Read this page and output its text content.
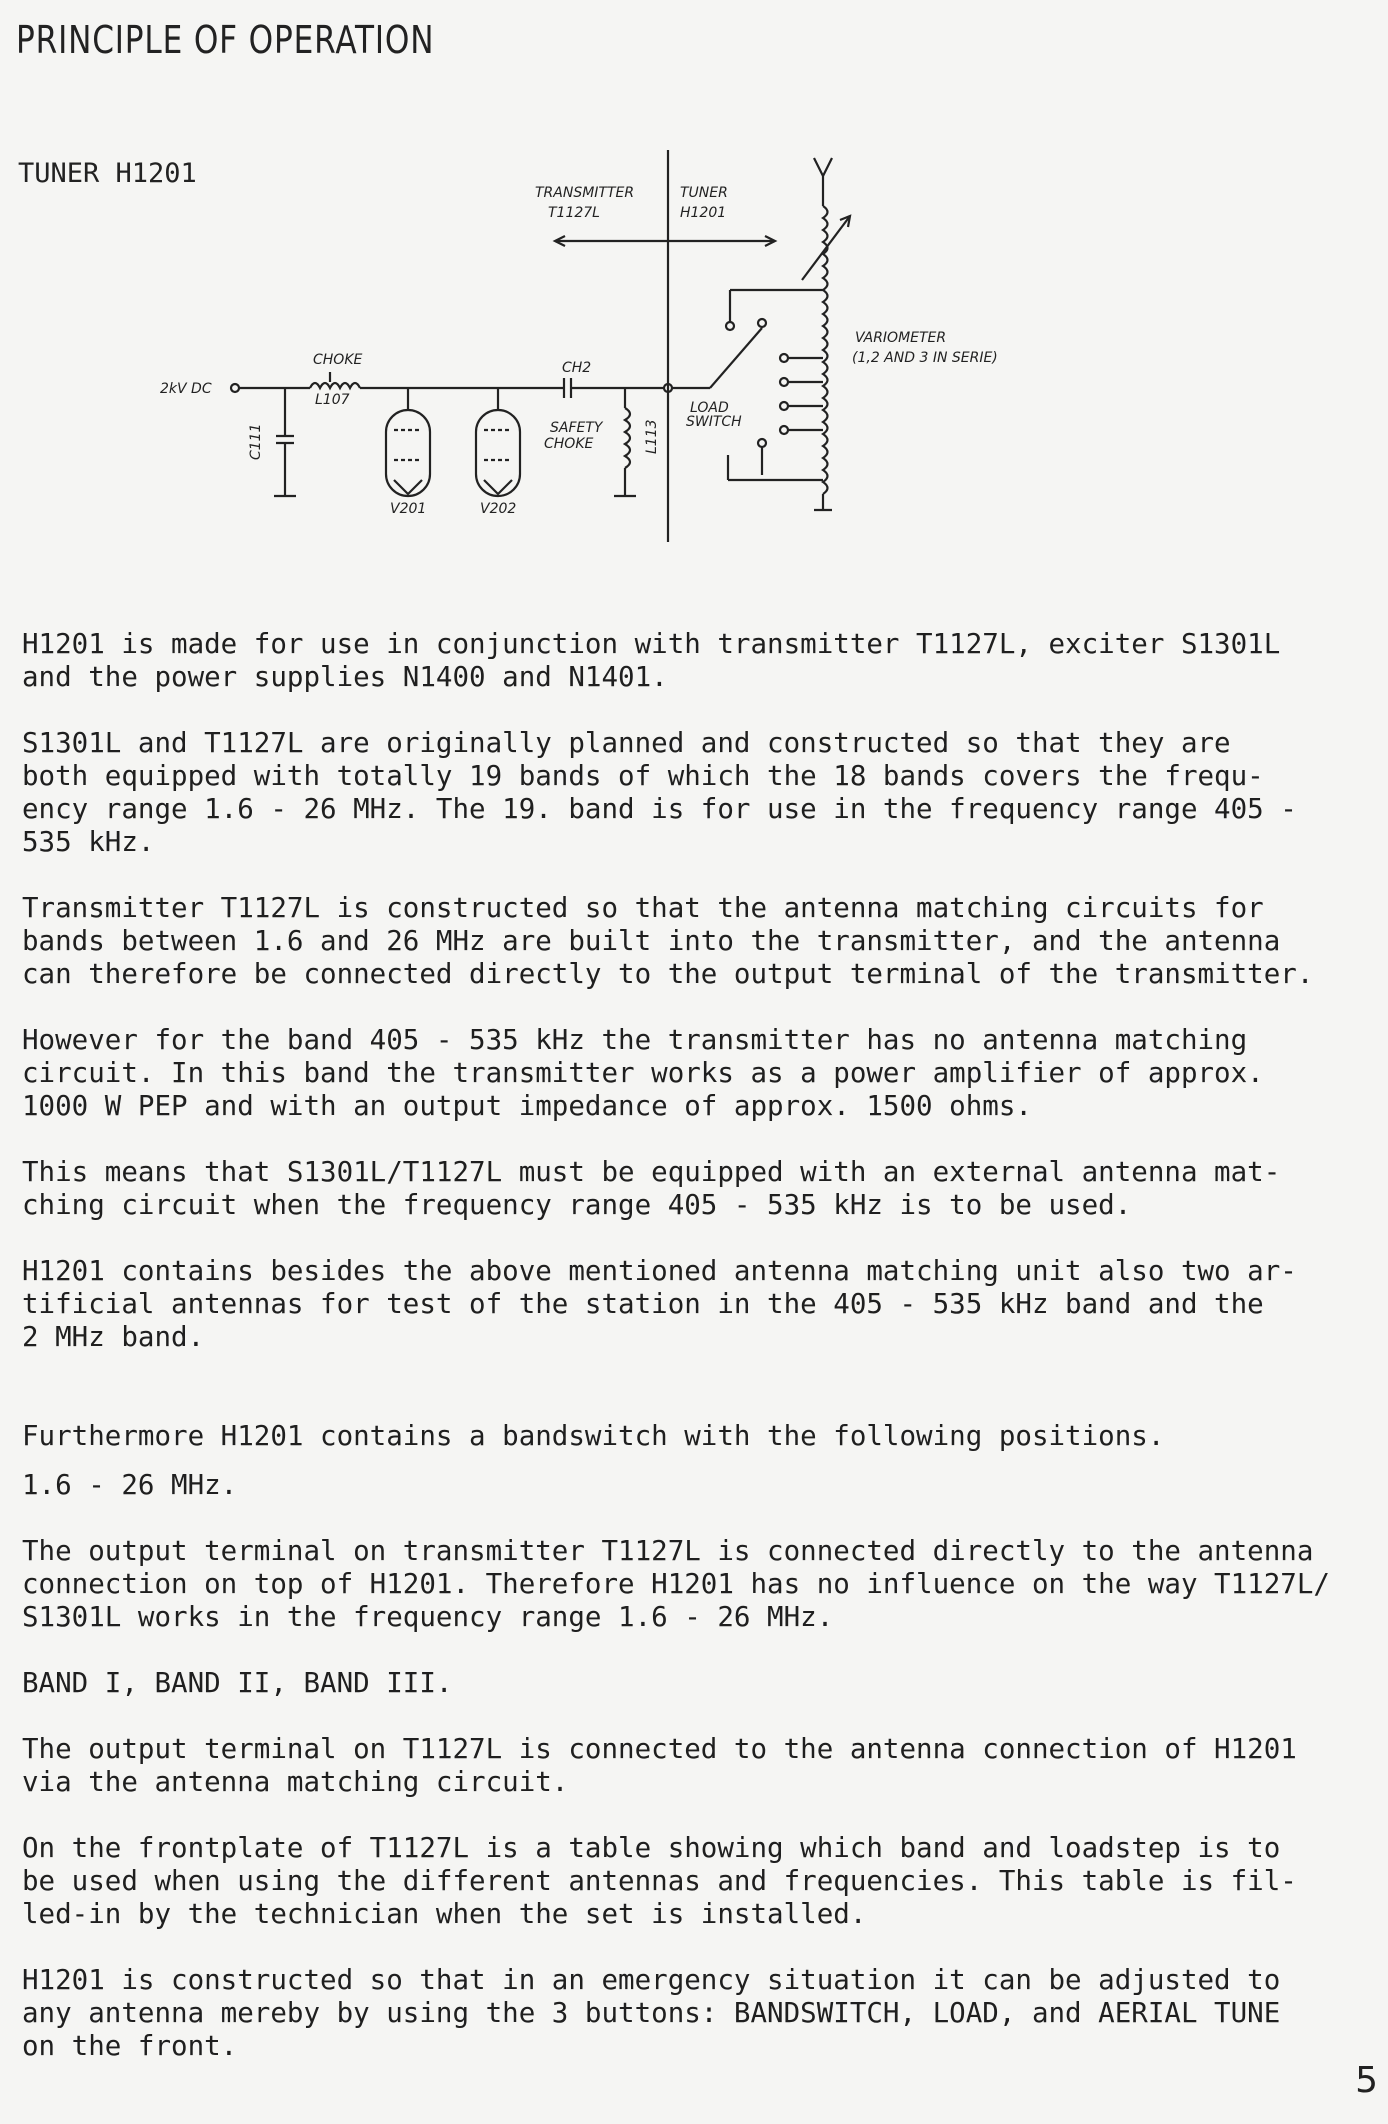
PRINCIPLE OF OPERATION
TUNER H1201
TRANSMITTER
T1127L
TUNER
H1201
2kV DC
CHOKE
L107
C111
CH2
SAFETY
CHOKE	L113
LOAD
SWITCH
V201	V202
VARIOMETER
(1,2 AND 3 IN SERIE)

H1201 is made for use in conjunction with transmitter T1127L, exciter S1301L
and the power supplies N1400 and N1401.

S1301L and T1127L are originally planned and constructed so that they are
both equipped with totally 19 bands of which the 18 bands covers the frequ-
ency range 1.6 - 26 MHz. The 19. band is for use in the frequency range 405 -
535 kHz.

Transmitter T1127L is constructed so that the antenna matching circuits for
bands between 1.6 and 26 MHz are built into the transmitter, and the antenna
can therefore be connected directly to the output terminal of the transmitter.

However for the band 405 - 535 kHz the transmitter has no antenna matching
circuit. In this band the transmitter works as a power amplifier of approx.
1000 W PEP and with an output impedance of approx. 1500 ohms.

This means that S1301L/T1127L must be equipped with an external antenna mat-
ching circuit when the frequency range 405 - 535 kHz is to be used.

H1201 contains besides the above mentioned antenna matching unit also two ar-
tificial antennas for test of the station in the 405 - 535 kHz band and the
2 MHz band.

Furthermore H1201 contains a bandswitch with the following positions.

1.6 - 26 MHz.

The output terminal on transmitter T1127L is connected directly to the antenna
connection on top of H1201. Therefore H1201 has no influence on the way T1127L/
S1301L works in the frequency range 1.6 - 26 MHz.

BAND I, BAND II, BAND III.

The output terminal on T1127L is connected to the antenna connection of H1201
via the antenna matching circuit.

On the frontplate of T1127L is a table showing which band and loadstep is to
be used when using the different antennas and frequencies. This table is fil-
led-in by the technician when the set is installed.

H1201 is constructed so that in an emergency situation it can be adjusted to
any antenna mereby by using the 3 buttons: BANDSWITCH, LOAD, and AERIAL TUNE
on the front.

5
